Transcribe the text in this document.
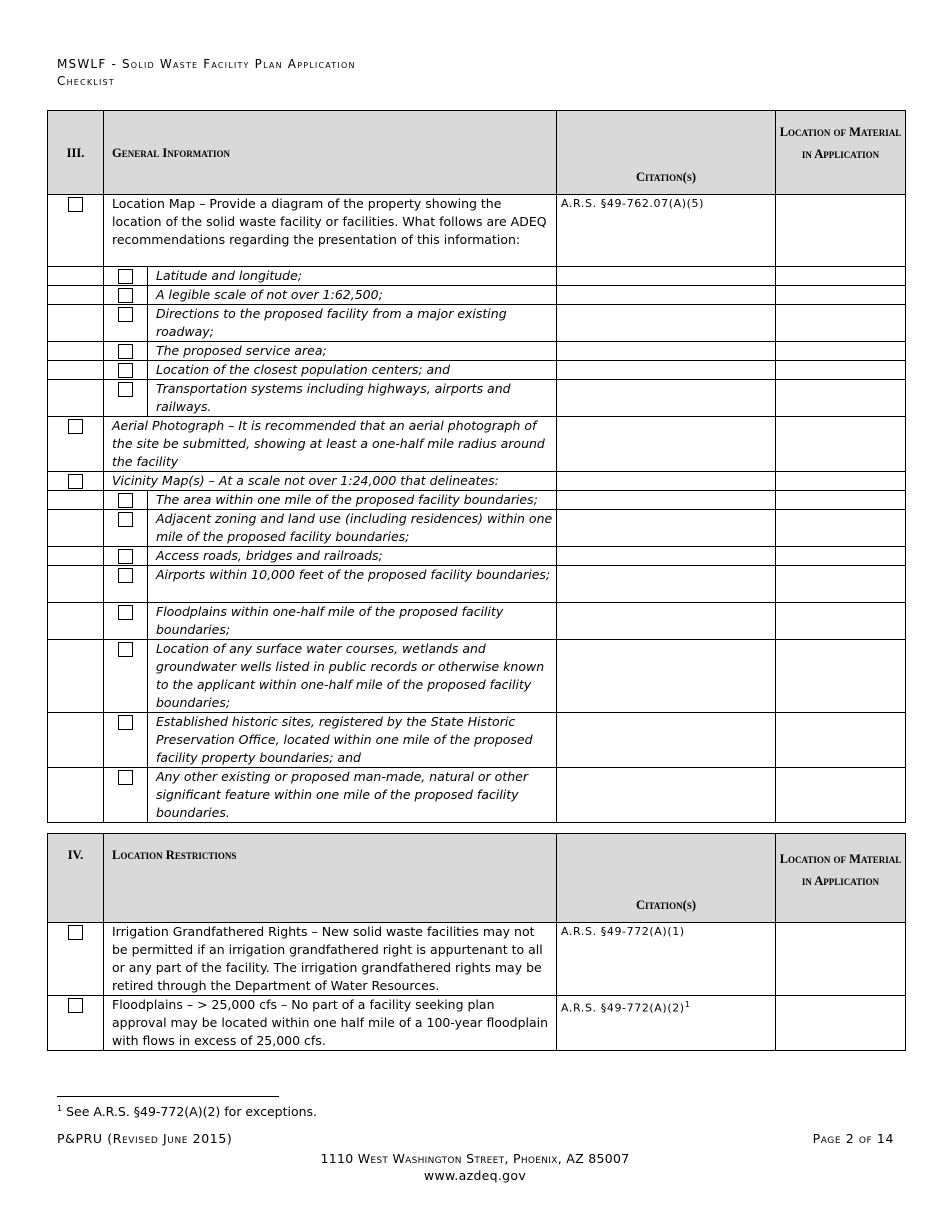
MSWLF - Solid Waste Facility Plan Application
Checklist
III.	General Information		Citation(s)	Location of Material in Application

	Location Map – Provide a diagram of the property showing the location of the solid waste facility or facilities. What follows are ADEQ recommendations regarding the presentation of this information:		A.R.S. §49-762.07(A)(5)	

	Latitude and longitude;		

	A legible scale of not over 1:62,500;		

	Directions to the proposed facility from a major existing roadway;		

	The proposed service area;		

	Location of the closest population centers; and		

	Transportation systems including highways, airports and railways.		

	Aerial Photograph – It is recommended that an aerial photograph of the site be submitted, showing at least a one-half mile radius around the facility			

	Vicinity Map(s) – At a scale not over 1:24,000 that delineates:			

	The area within one mile of the proposed facility boundaries;		

	Adjacent zoning and land use (including residences) within one mile of the proposed facility boundaries;		

	Access roads, bridges and railroads;		

	Airports within 10,000 feet of the proposed facility boundaries;		

	Floodplains within one-half mile of the proposed facility boundaries;		

	Location of any surface water courses, wetlands and groundwater wells listed in public records or otherwise known to the applicant within one-half mile of the proposed facility boundaries;		

	Established historic sites, registered by the State Historic Preservation Office, located within one mile of the proposed facility property boundaries; and		

	Any other existing or proposed man-made, natural or other significant feature within one mile of the proposed facility boundaries.		
IV.	Location Restrictions	Citation(s)	Location of Material in Application

	Irrigation Grandfathered Rights – New solid waste facilities may not be permitted if an irrigation grandfathered right is appurtenant to all or any part of the facility. The irrigation grandfathered rights may be retired through the Department of Water Resources.	A.R.S. §49-772(A)(1)	

	Floodplains – > 25,000 cfs – No part of a facility seeking plan approval may be located within one half mile of a 100-year floodplain with flows in excess of 25,000 cfs.	A.R.S. $\S 49-772(A)(2)^1$	
$^1$ See A.R.S. §49-772(A)(2) for exceptions.
P&PRU (Revised June 2015)	Page 2 of 14
1110 West Washington Street, Phoenix, AZ 85007
www.azdeq.gov
